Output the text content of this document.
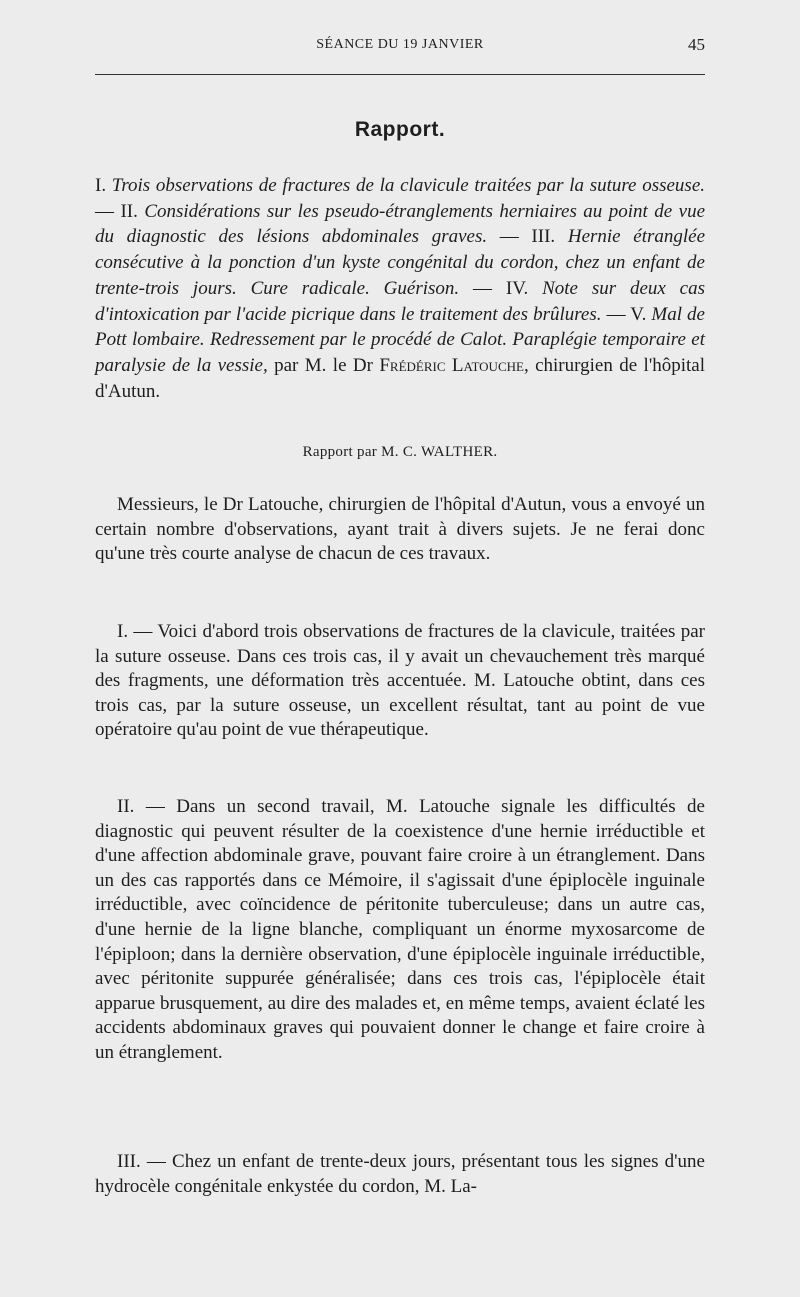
SÉANCE DU 19 JANVIER	45
Rapport.

I. Trois observations de fractures de la clavicule traitées par la suture osseuse. — II. Considérations sur les pseudo-étranglements herniaires au point de vue du diagnostic des lésions abdominales graves. — III. Hernie étranglée consécutive à la ponction d'un kyste congénital du cordon, chez un enfant de trente-trois jours. Cure radicale. Guérison. — IV. Note sur deux cas d'intoxication par l'acide picrique dans le traitement des brûlures. — V. Mal de Pott lombaire. Redressement par le procédé de Calot. Paraplégie temporaire et paralysie de la vessie, par M. le Dr Frédéric Latouche, chirurgien de l'hôpital d'Autun.

Rapport par M. C. WALTHER.

Messieurs, le Dr Latouche, chirurgien de l'hôpital d'Autun, vous a envoyé un certain nombre d'observations, ayant trait à divers sujets. Je ne ferai donc qu'une très courte analyse de chacun de ces travaux.

I. — Voici d'abord trois observations de fractures de la clavicule, traitées par la suture osseuse. Dans ces trois cas, il y avait un chevauchement très marqué des fragments, une déformation très accentuée. M. Latouche obtint, dans ces trois cas, par la suture osseuse, un excellent résultat, tant au point de vue opératoire qu'au point de vue thérapeutique.

II. — Dans un second travail, M. Latouche signale les difficultés de diagnostic qui peuvent résulter de la coexistence d'une hernie irréductible et d'une affection abdominale grave, pouvant faire croire à un étranglement. Dans un des cas rapportés dans ce Mémoire, il s'agissait d'une épiplocèle inguinale irréductible, avec coïncidence de péritonite tuberculeuse; dans un autre cas, d'une hernie de la ligne blanche, compliquant un énorme myxosarcome de l'épiploon; dans la dernière observation, d'une épiplocèle inguinale irréductible, avec péritonite suppurée généralisée; dans ces trois cas, l'épiplocèle était apparue brusquement, au dire des malades et, en même temps, avaient éclaté les accidents abdominaux graves qui pouvaient donner le change et faire croire à un étranglement.

III. — Chez un enfant de trente-deux jours, présentant tous les signes d'une hydrocèle congénitale enkystée du cordon, M. La-
